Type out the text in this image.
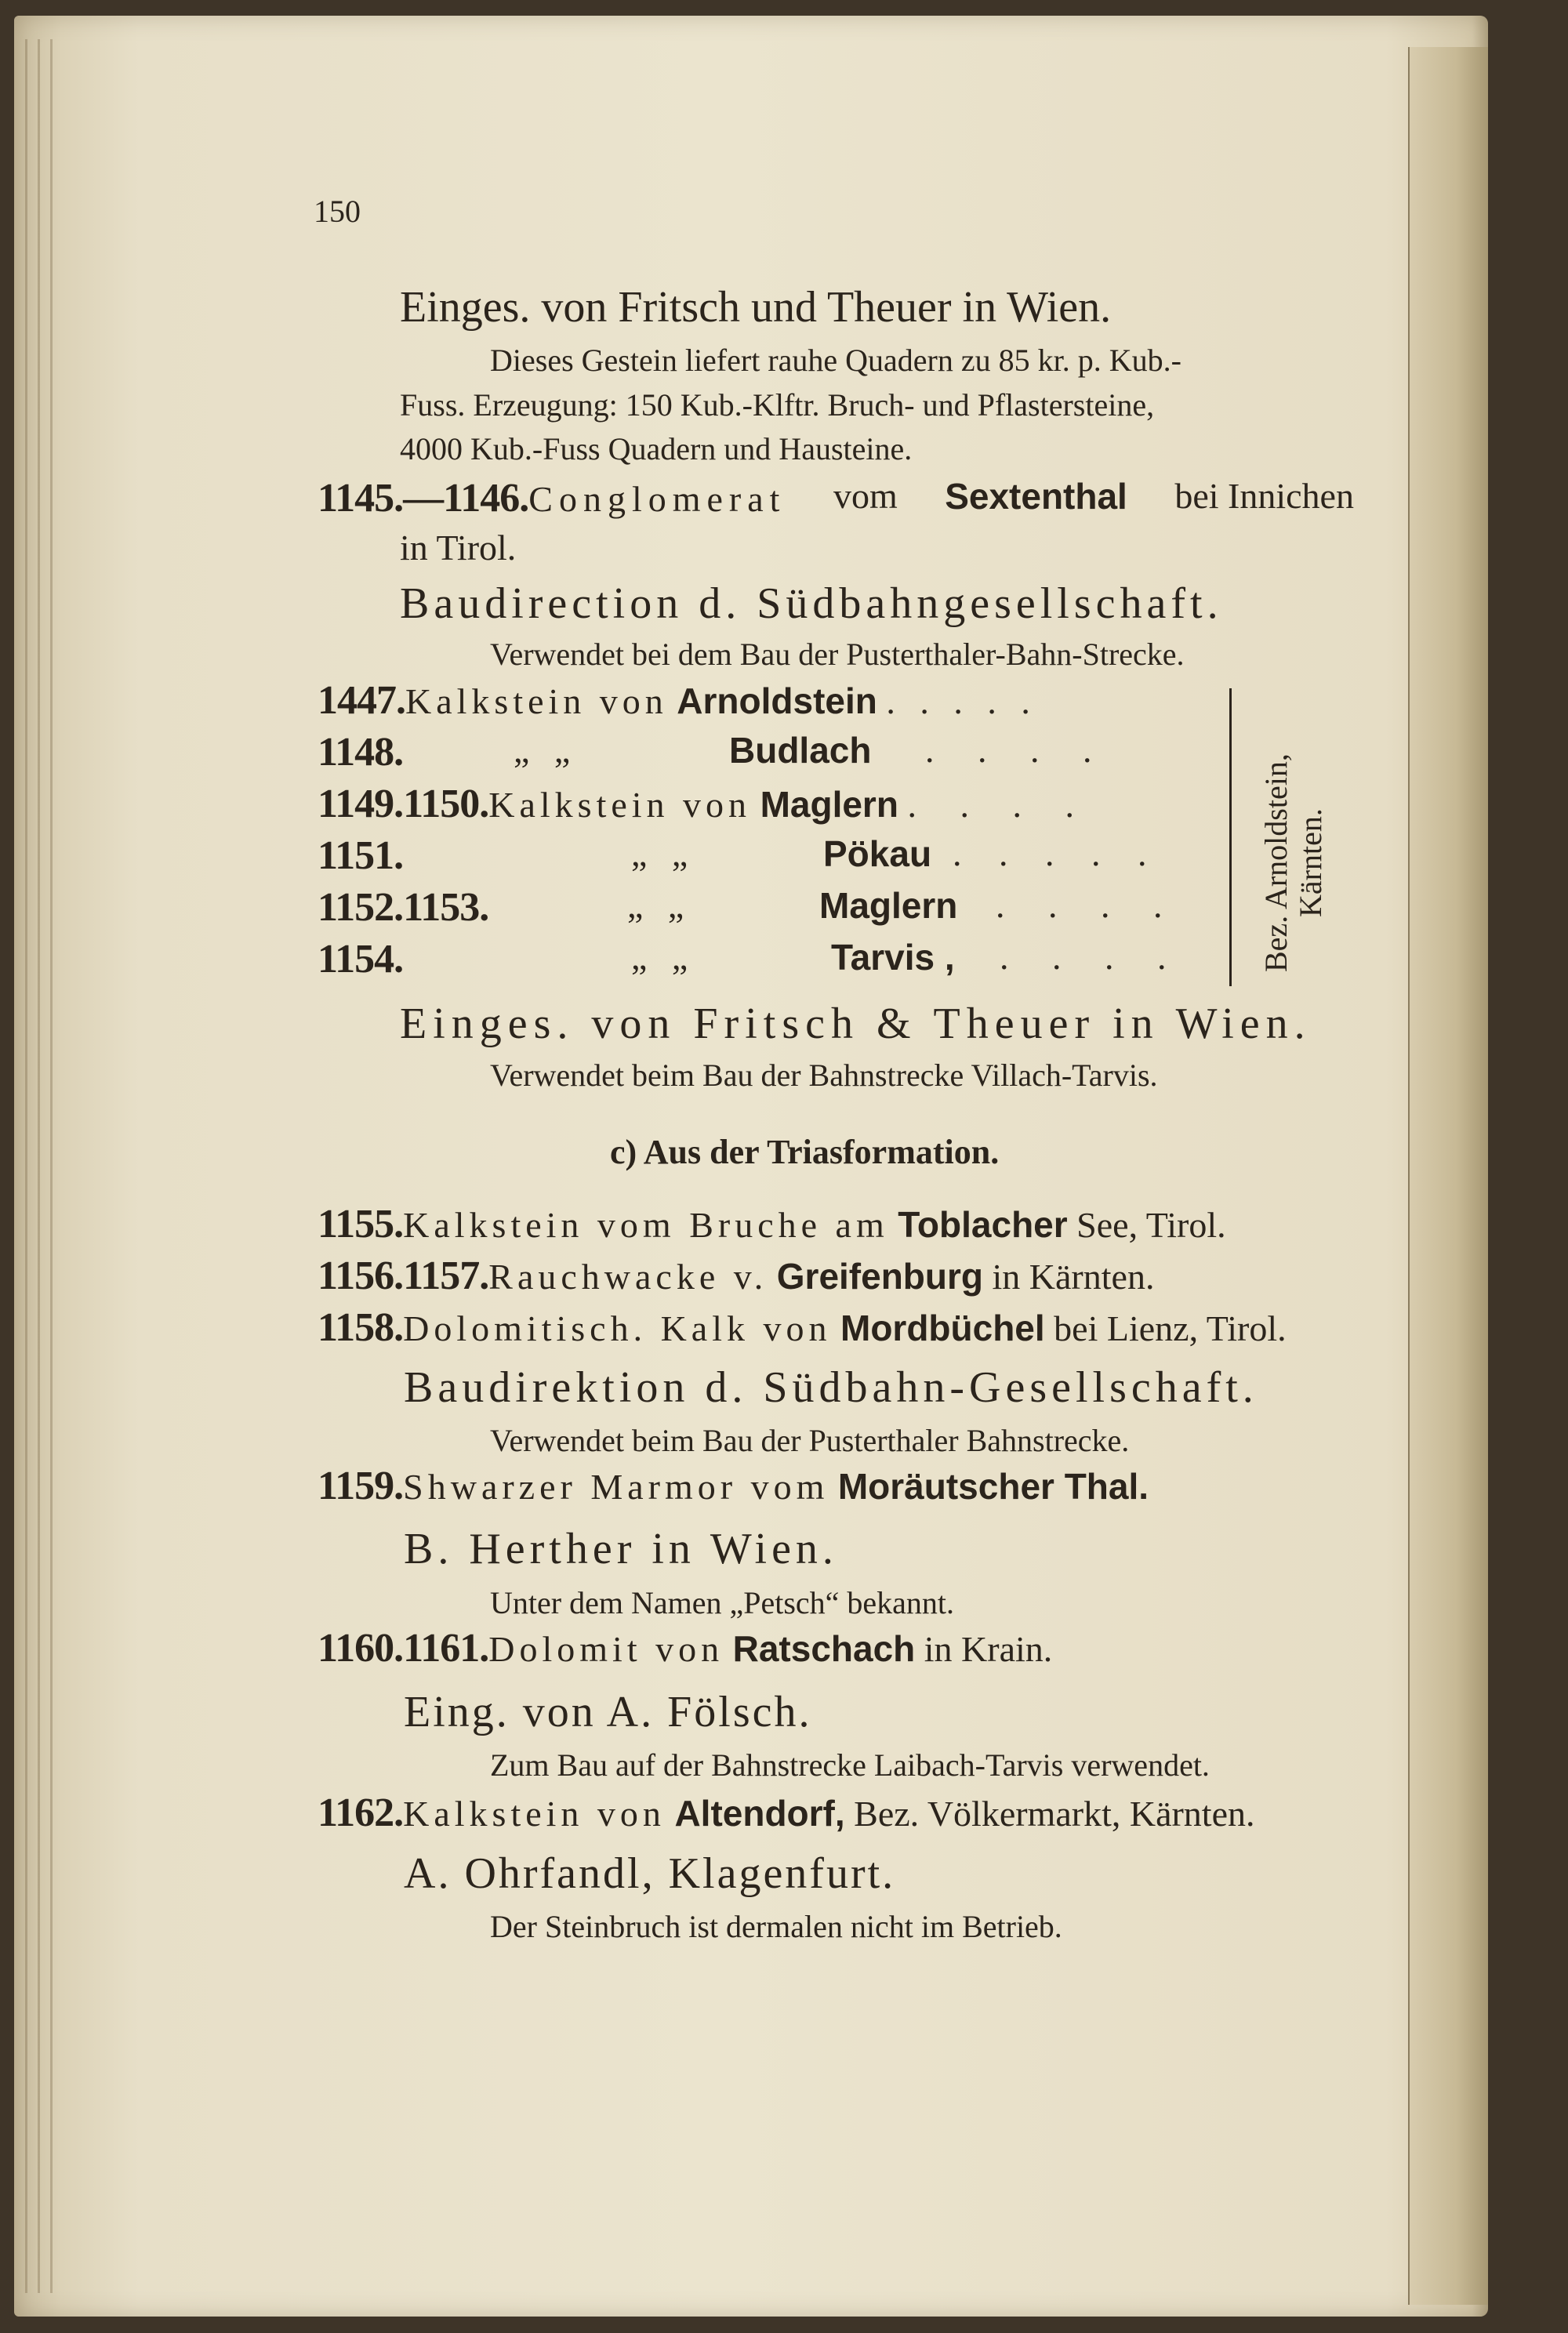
150
Einges. von Fritsch und Theuer in Wien.
Dieses Gestein liefert rauhe Quadern zu 85 kr. p. Kub.-
Fuss. Erzeugung: 150 Kub.-Klftr. Bruch- und Pflastersteine,
4000 Kub.-Fuss Quadern und Hausteine.
1145.—1146.Conglomerat vom Sextenthal bei Innichen
in Tirol.
Baudirection d. Südbahngesellschaft.
Verwendet bei dem Bau der Pusterthaler-Bahn-Strecke.
1447.Kalkstein von Arnoldstein . . . . .
1148.	„ „	Budlach . . . .
1149.1150.Kalkstein von Maglern . . . .
1151.	„ „	Pökau . . . . .
1152.1153.	„ „	Maglern . . . .
1154.	„ „	Tarvis , . . . . Bez. Arnoldstein, Kärnten.
Einges. von Fritsch & Theuer in Wien.
Verwendet beim Bau der Bahnstrecke Villach-Tarvis.
c) Aus der Triasformation.
1155.Kalkstein vom Bruche am Toblacher See, Tirol.
1156.1157.Rauchwacke v. Greifenburg in Kärnten.
1158.Dolomitisch. Kalk von Mordbüchel bei Lienz, Tirol.
Baudirektion d. Südbahn-Gesellschaft.
Verwendet beim Bau der Pusterthaler Bahnstrecke.
1159.Shwarzer Marmor vom Moräutscher Thal.
B. Herther in Wien.
Unter dem Namen „Petsch“ bekannt.
1160.1161.Dolomit von Ratschach in Krain.
Eing. von A. Fölsch.
Zum Bau auf der Bahnstrecke Laibach-Tarvis verwendet.
1162.Kalkstein von Altendorf, Bez. Völkermarkt, Kärnten.
A. Ohrfandl, Klagenfurt.
Der Steinbruch ist dermalen nicht im Betrieb.
